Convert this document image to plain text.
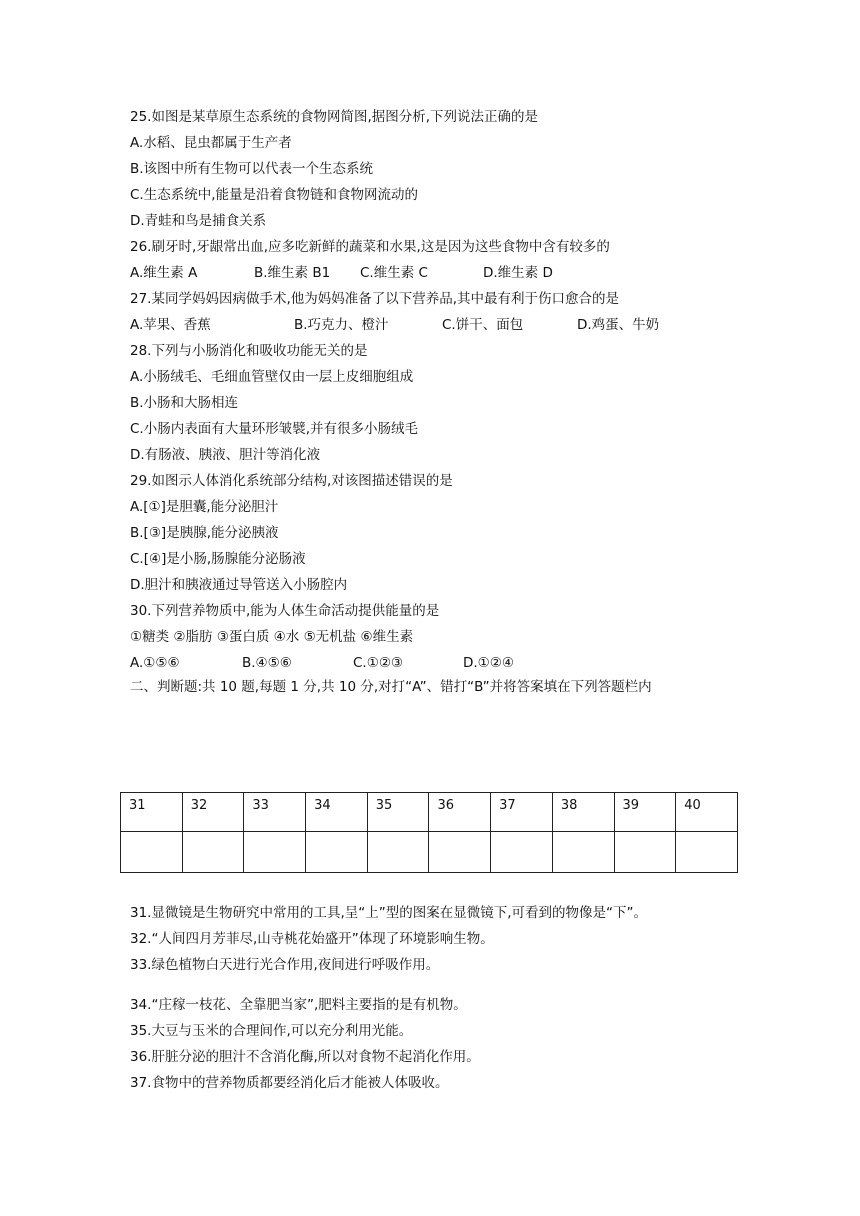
25.如图是某草原生态系统的食物网简图,据图分析,下列说法正确的是
A.水稻、昆虫都属于生产者
B.该图中所有生物可以代表一个生态系统
C.生态系统中,能量是沿着食物链和食物网流动的
D.青蛙和鸟是捕食关系
26.刷牙时,牙龈常出血,应多吃新鲜的蔬菜和水果,这是因为这些食物中含有较多的
A.维生素 A	B.维生素 B1	C.维生素 C	D.维生素 D
27.某同学妈妈因病做手术,他为妈妈准备了以下营养品,其中最有利于伤口愈合的是
A.苹果、香蕉	B.巧克力、橙汁	C.饼干、面包	D.鸡蛋、牛奶
28.下列与小肠消化和吸收功能无关的是
A.小肠绒毛、毛细血管壁仅由一层上皮细胞组成
B.小肠和大肠相连
C.小肠内表面有大量环形皱襞,并有很多小肠绒毛
D.有肠液、胰液、胆汁等消化液
29.如图示人体消化系统部分结构,对该图描述错误的是
A.[①]是胆囊,能分泌胆汁
B.[③]是胰腺,能分泌胰液
C.[④]是小肠,肠腺能分泌肠液
D.胆汁和胰液通过导管送入小肠腔内
30.下列营养物质中,能为人体生命活动提供能量的是
①糖类 ②脂肪 ③蛋白质 ④水 ⑤无机盐 ⑥维生素
A.①⑤⑥	B.④⑤⑥	C.①②③	D.①②④
二、判断题:共 10 题,每题 1 分,共 10 分,对打“A”、错打“B”并将答案填在下列答题栏内
31	32	33	34	35	36	37	38	39	40

31.显微镜是生物研究中常用的工具,呈“上”型的图案在显微镜下,可看到的物像是“下”。
32.“人间四月芳菲尽,山寺桃花始盛开”体现了环境影响生物。
33.绿色植物白天进行光合作用,夜间进行呼吸作用。
34.“庄稼一枝花、全靠肥当家”,肥料主要指的是有机物。
35.大豆与玉米的合理间作,可以充分利用光能。
36.肝脏分泌的胆汁不含消化酶,所以对食物不起消化作用。
37.食物中的营养物质都要经消化后才能被人体吸收。
